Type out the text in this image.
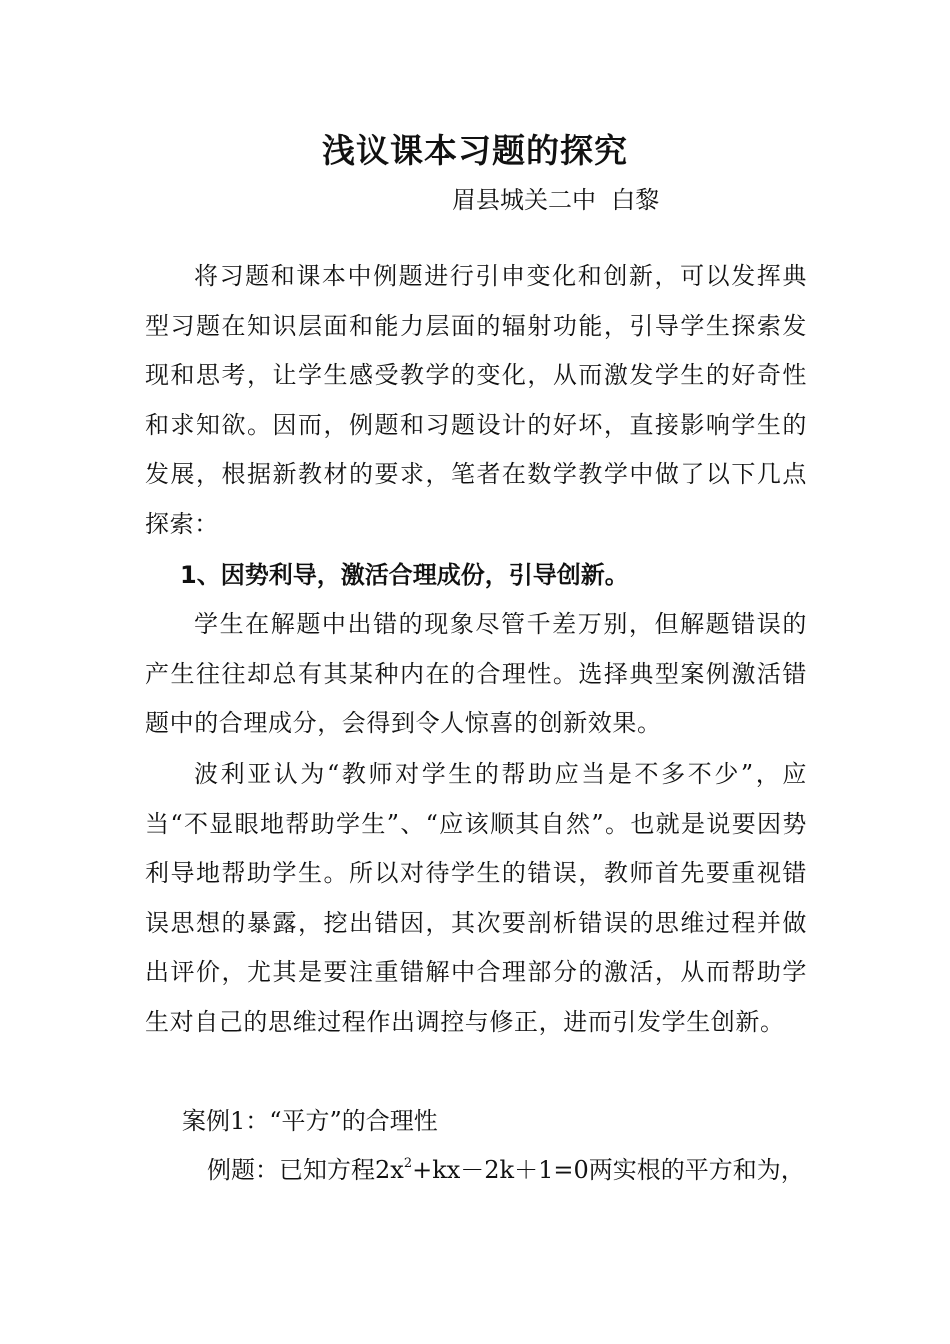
浅议课本习题的探究

眉县城关二中  白黎

将习题和课本中例题进行引申变化和创新，可以发挥典型习题在知识层面和能力层面的辐射功能，引导学生探索发现和思考，让学生感受教学的变化，从而激发学生的好奇性和求知欲。因而，例题和习题设计的好坏，直接影响学生的发展，根据新教材的要求，笔者在数学教学中做了以下几点探索：

1、因势利导，激活合理成份，引导创新。

学生在解题中出错的现象尽管千差万别，但解题错误的产生往往却总有其某种内在的合理性。选择典型案例激活错题中的合理成分，会得到令人惊喜的创新效果。

波利亚认为“教师对学生的帮助应当是不多不少”，应当“不显眼地帮助学生”、“应该顺其自然”。也就是说要因势利导地帮助学生。所以对待学生的错误，教师首先要重视错误思想的暴露，挖出错因，其次要剖析错误的思维过程并做出评价，尤其是要注重错解中合理部分的激活，从而帮助学生对自己的思维过程作出调控与修正，进而引发学生创新。

案例1：“平方”的合理性

例题：已知方程$2x^2+kx-2k+1=0$两实根的平方和为，
